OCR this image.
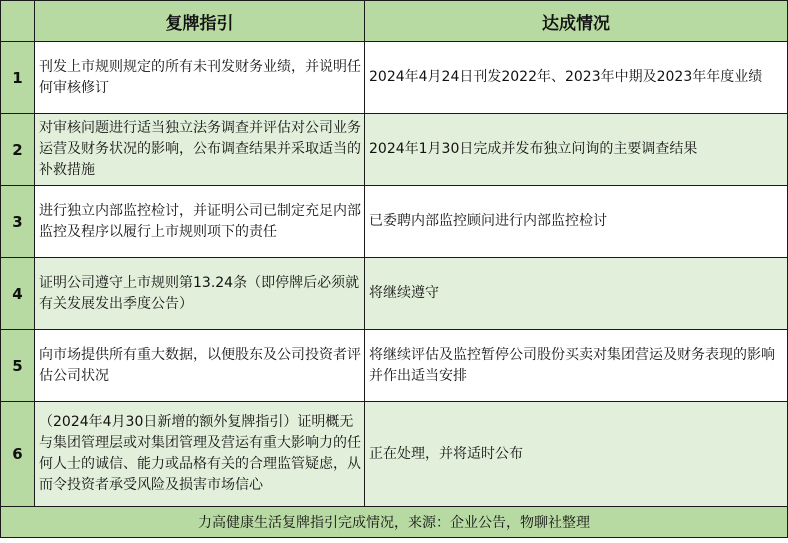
	复牌指引	达成情况
1	刊发上市规则规定的所有未刊发财务业绩，并说明任何审核修订	2024年4月24日刊发2022年、2023年中期及2023年年度业绩
2	对审核问题进行适当独立法务调查并评估对公司业务运营及财务状况的影响，公布调查结果并采取适当的补救措施	2024年1月30日完成并发布独立问询的主要调查结果
3	进行独立内部监控检讨，并证明公司已制定充足内部监控及程序以履行上市规则项下的责任	已委聘内部监控顾问进行内部监控检讨
4	证明公司遵守上市规则第13.24条（即停牌后必须就有关发展发出季度公告）	将继续遵守
5	向市场提供所有重大数据，以便股东及公司投资者评估公司状况	将继续评估及监控暂停公司股份买卖对集团营运及财务表现的影响并作出适当安排
6	（2024年4月30日新增的额外复牌指引）证明概无与集团管理层或对集团管理及营运有重大影响力的任何人士的诚信、能力或品格有关的合理监管疑虑，从而令投资者承受风险及损害市场信心	正在处理，并将适时公布
力高健康生活复牌指引完成情况，来源：企业公告，物聊社整理		
